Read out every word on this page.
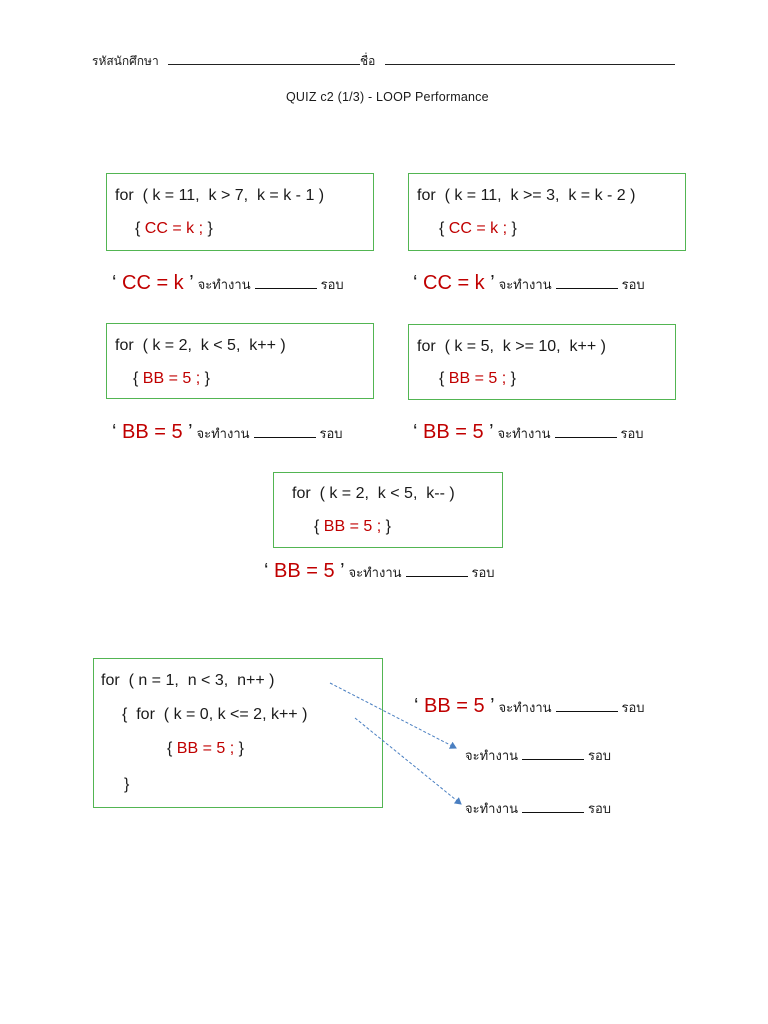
รหัสนักศึกษา	ชื่อ
QUIZ c2 (1/3) - LOOP Performance
for  ( k = 11,  k > 7,  k = k - 1 )
{ CC = k ; }
for  ( k = 11,  k >= 3,  k = k - 2 )
{ CC = k ; }
‘ CC = k ’ จะทำงาน	รอบ	‘ CC = k ’ จะทำงาน	รอบ
for  ( k = 2,  k < 5,  k++ )
{ BB = 5 ; }
for  ( k = 5,  k >= 10,  k++ )
{ BB = 5 ; }
‘ BB = 5 ’ จะทำงาน	รอบ	‘ BB = 5 ’ จะทำงาน	รอบ
for  ( k = 2,  k < 5,  k-- )
{ BB = 5 ; }
‘ BB = 5 ’ จะทำงาน	รอบ
for  ( n = 1,  n < 3,  n++ )
{  for  ( k = 0, k <= 2, k++ )
{ BB = 5 ; }
}
‘ BB = 5 ’ จะทำงาน	รอบ
จะทำงาน	รอบ
จะทำงาน	รอบ
